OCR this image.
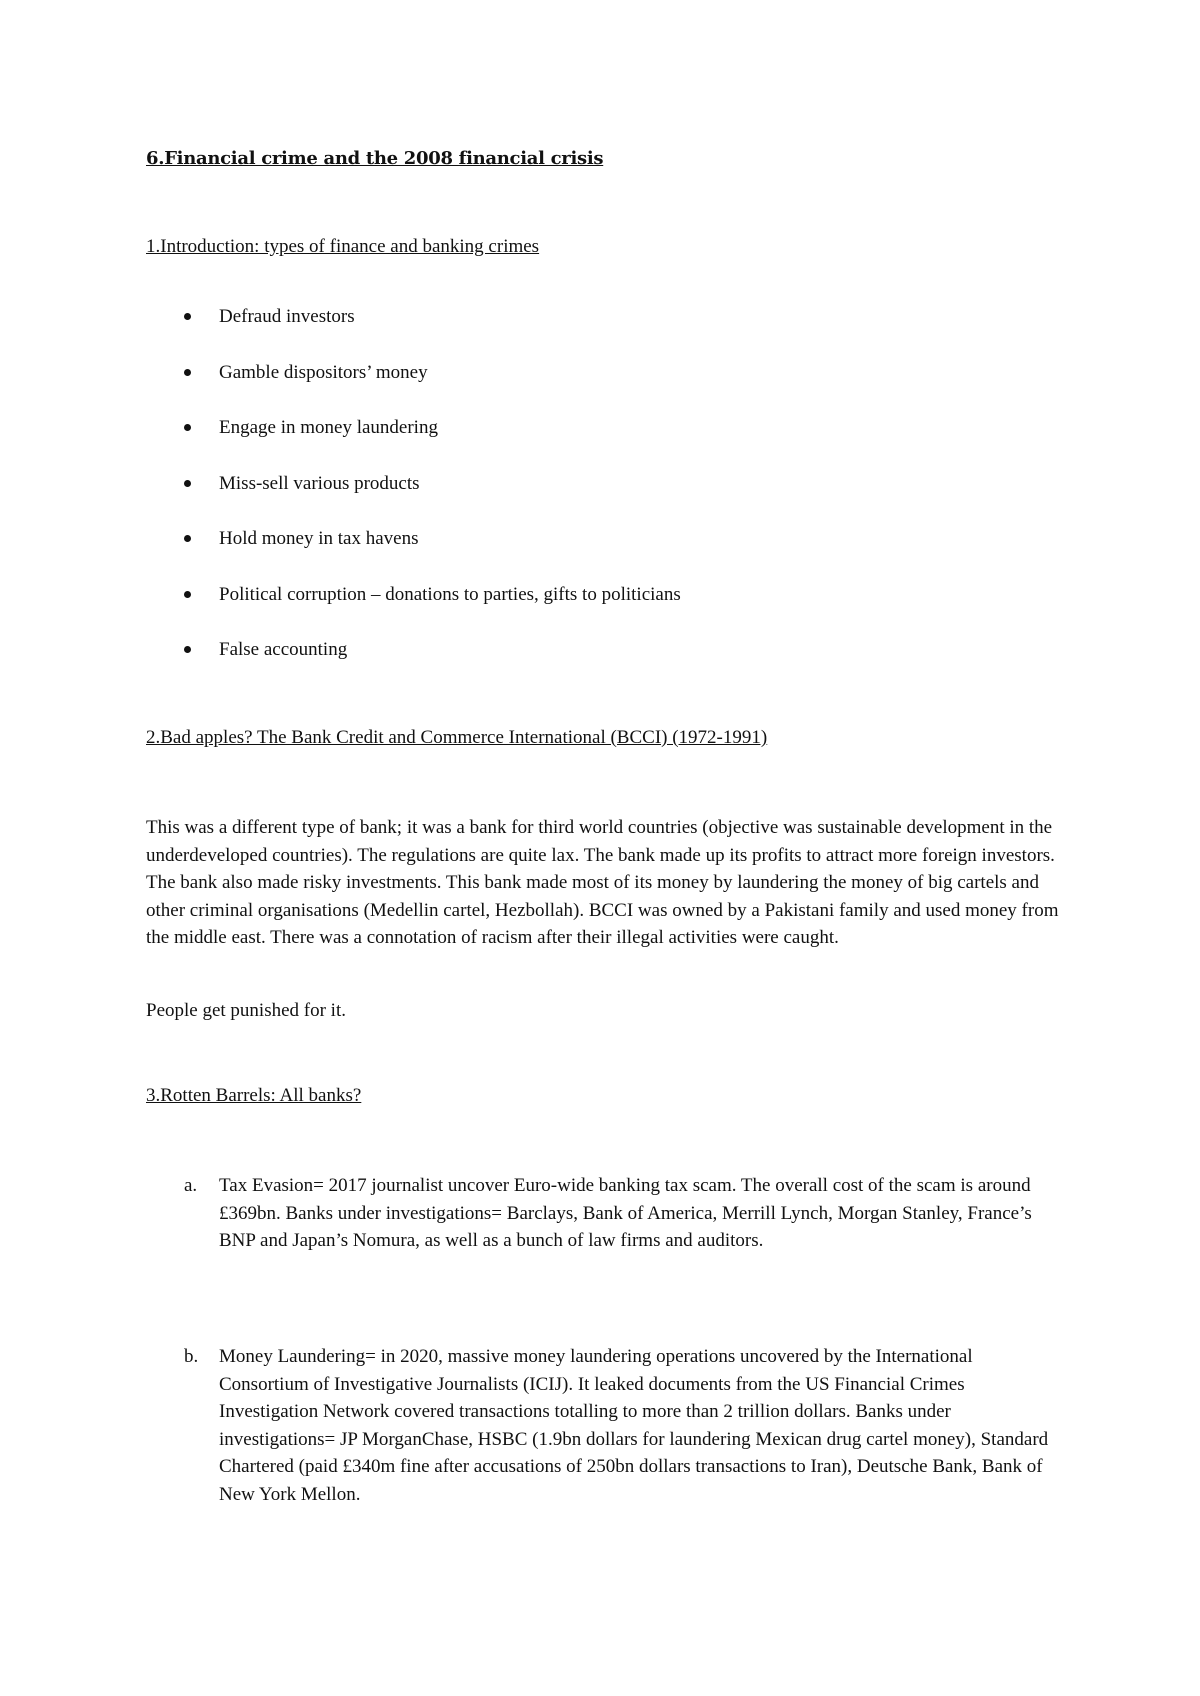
6.Financial crime and the 2008 financial crisis
1.Introduction: types of finance and banking crimes
Defraud investors
Gamble dispositors’ money
Engage in money laundering
Miss-sell various products
Hold money in tax havens
Political corruption – donations to parties, gifts to politicians
False accounting
2.Bad apples? The Bank Credit and Commerce International (BCCI) (1972-1991)
This was a different type of bank; it was a bank for third world countries (objective was sustainable development in the underdeveloped countries). The regulations are quite lax. The bank made up its profits to attract more foreign investors. The bank also made risky investments. This bank made most of its money by laundering the money of big cartels and other criminal organisations (Medellin cartel, Hezbollah). BCCI was owned by a Pakistani family and used money from the middle east. There was a connotation of racism after their illegal activities were caught.
People get punished for it.
3.Rotten Barrels: All banks?
a. Tax Evasion= 2017 journalist uncover Euro-wide banking tax scam. The overall cost of the scam is around £369bn. Banks under investigations= Barclays, Bank of America, Merrill Lynch, Morgan Stanley, France’s BNP and Japan’s Nomura, as well as a bunch of law firms and auditors.
b. Money Laundering= in 2020, massive money laundering operations uncovered by the International Consortium of Investigative Journalists (ICIJ). It leaked documents from the US Financial Crimes Investigation Network covered transactions totalling to more than 2 trillion dollars. Banks under investigations= JP MorganChase, HSBC (1.9bn dollars for laundering Mexican drug cartel money), Standard Chartered (paid £340m fine after accusations of 250bn dollars transactions to Iran), Deutsche Bank, Bank of New York Mellon.
